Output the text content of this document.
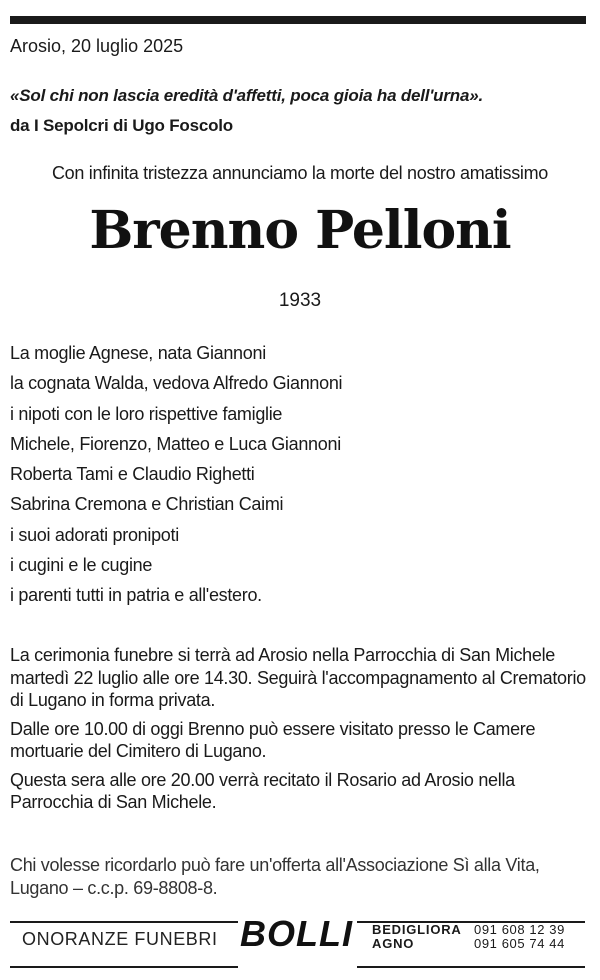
Arosio, 20 luglio 2025
«Sol chi non lascia eredità d'affetti, poca gioia ha dell'urna».
da I Sepolcri di Ugo Foscolo
Con infinita tristezza annunciamo la morte del nostro amatissimo
Brenno Pelloni
1933
La moglie Agnese, nata Giannoni
la cognata Walda, vedova Alfredo Giannoni
i nipoti con le loro rispettive famiglie
Michele, Fiorenzo, Matteo e Luca Giannoni
Roberta Tami e Claudio Righetti
Sabrina Cremona e Christian Caimi
i suoi adorati pronipoti
i cugini e le cugine
i parenti tutti in patria e all'estero.

La cerimonia funebre si terrà ad Arosio nella Parrocchia di San Michele martedì 22 luglio alle ore 14.30. Seguirà l'accompagnamento al Crematorio di Lugano in forma privata.

Dalle ore 10.00 di oggi Brenno può essere visitato presso le Camere mortuarie del Cimitero di Lugano.

Questa sera alle ore 20.00 verrà recitato il Rosario ad Arosio nella Parrocchia di San Michele.

Chi volesse ricordarlo può fare un'offerta all'Associazione Sì alla Vita, Lugano – c.c.p. 69-8808-8.
ONORANZE FUNEBRI BOLLI BEDIGLIORA
AGNO
091 608 12 39
091 605 74 44
